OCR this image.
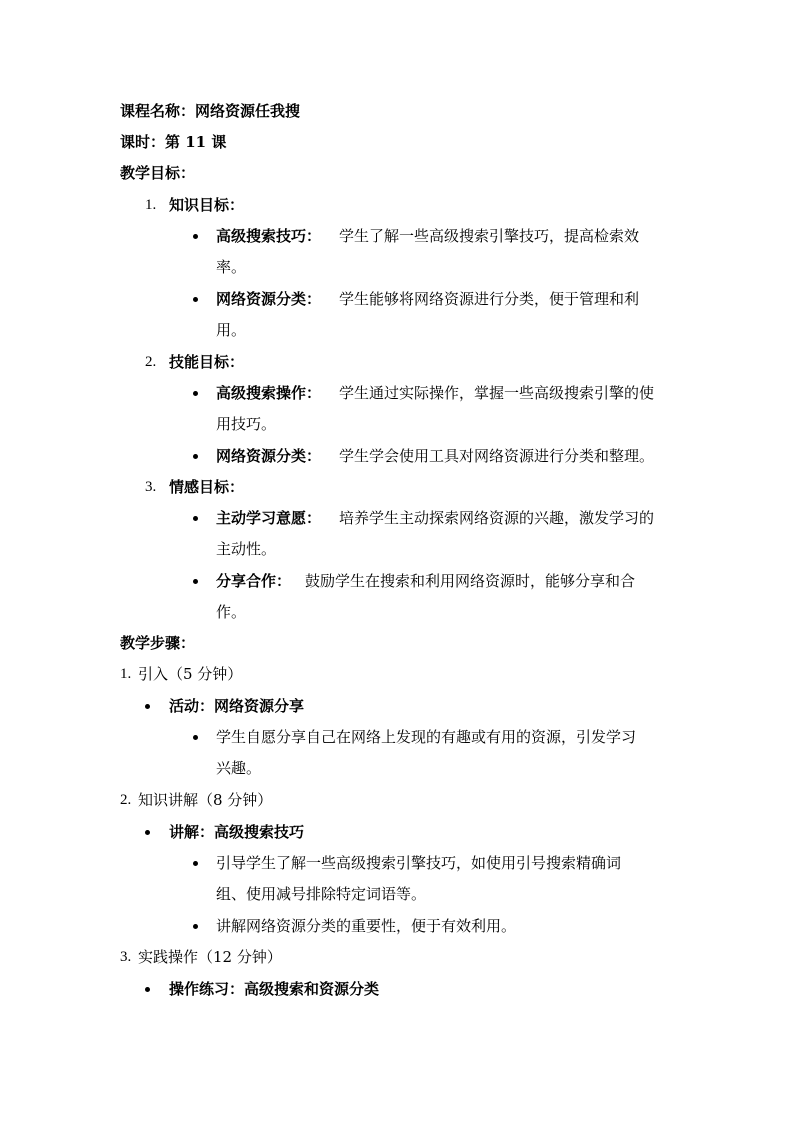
课程名称：网络资源任我搜
课时：第 11 课
教学目标：
1. 知识目标：
高级搜索技巧： 学生了解一些高级搜索引擎技巧，提高检索效
率。
网络资源分类： 学生能够将网络资源进行分类，便于管理和利
用。
2. 技能目标：
高级搜索操作： 学生通过实际操作，掌握一些高级搜索引擎的使
用技巧。
网络资源分类： 学生学会使用工具对网络资源进行分类和整理。
3. 情感目标：
主动学习意愿： 培养学生主动探索网络资源的兴趣，激发学习的
主动性。
分享合作： 鼓励学生在搜索和利用网络资源时，能够分享和合
作。
教学步骤：
1. 引入（5 分钟）
活动：网络资源分享
学生自愿分享自己在网络上发现的有趣或有用的资源，引发学习
兴趣。
2. 知识讲解（8 分钟）
讲解：高级搜索技巧
引导学生了解一些高级搜索引擎技巧，如使用引号搜索精确词
组、使用减号排除特定词语等。
讲解网络资源分类的重要性，便于有效利用。
3. 实践操作（12 分钟）
操作练习：高级搜索和资源分类
